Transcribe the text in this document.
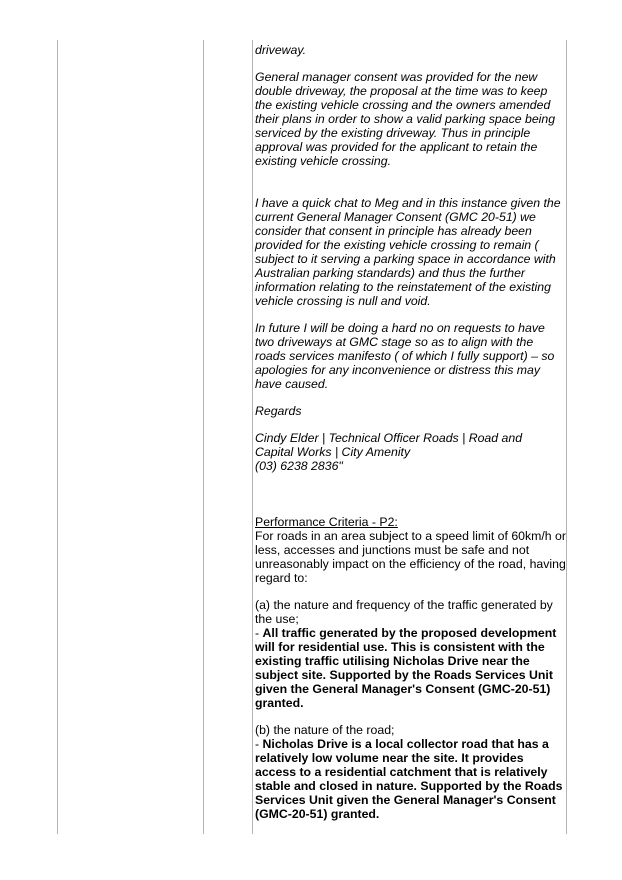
driveway.

General manager consent was provided for the new double driveway, the proposal at the time was to keep the existing vehicle crossing and the owners amended their plans in order to show a valid parking space being serviced by the existing driveway. Thus in principle approval was provided for the applicant to retain the existing vehicle crossing.

I have a quick chat to Meg and in this instance given the current General Manager Consent (GMC 20-51) we consider that consent in principle has already been provided for the existing vehicle crossing to remain ( subject to it serving a parking space in accordance with Australian parking standards) and thus the further information relating to the reinstatement of the existing vehicle crossing is null and void.

In future I will be doing a hard no on requests to have two driveways at GMC stage so as to align with the roads services manifesto ( of which I fully support) – so apologies for any inconvenience or distress this may have caused.

Regards

Cindy Elder | Technical Officer Roads | Road and

Capital Works | City Amenity

(03) 6238 2836"

Performance Criteria - P2:

For roads in an area subject to a speed limit of 60km/h or less, accesses and junctions must be safe and not unreasonably impact on the efficiency of the road, having regard to:

(a) the nature and frequency of the traffic generated by the use;

- All traffic generated by the proposed development will for residential use. This is consistent with the existing traffic utilising Nicholas Drive near the subject site. Supported by the Roads Services Unit given the General Manager's Consent (GMC-20-51) granted.

(b) the nature of the road;

- Nicholas Drive is a local collector road that has a relatively low volume near the site. It provides access to a residential catchment that is relatively stable and closed in nature. Supported by the Roads Services Unit given the General Manager's Consent (GMC-20-51) granted.
